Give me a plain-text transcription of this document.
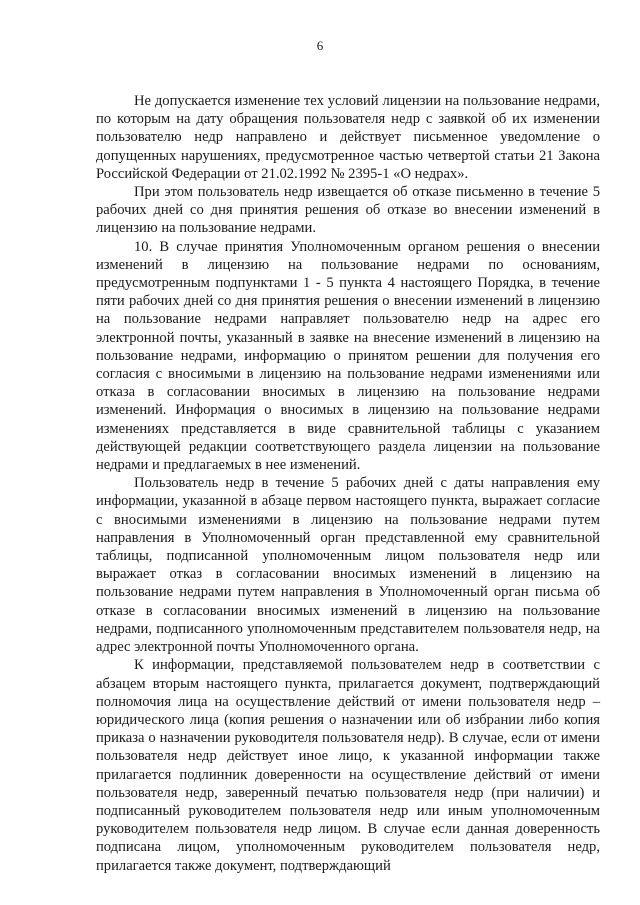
6

Не допускается изменение тех условий лицензии на пользование недрами, по которым на дату обращения пользователя недр с заявкой об их изменении пользователю недр направлено и действует письменное уведомление о допущенных нарушениях, предусмотренное частью четвертой статьи 21 Закона Российской Федерации от 21.02.1992 № 2395-1 «О недрах».

При этом пользователь недр извещается об отказе письменно в течение 5 рабочих дней со дня принятия решения об отказе во внесении изменений в лицензию на пользование недрами.

10. В случае принятия Уполномоченным органом решения о внесении изменений в лицензию на пользование недрами по основаниям, предусмотренным подпунктами 1 - 5 пункта 4 настоящего Порядка, в течение пяти рабочих дней со дня принятия решения о внесении изменений в лицензию на пользование недрами направляет пользователю недр на адрес его электронной почты, указанный в заявке на внесение изменений в лицензию на пользование недрами, информацию о принятом решении для получения его согласия с вносимыми в лицензию на пользование недрами изменениями или отказа в согласовании вносимых в лицензию на пользование недрами изменений. Информация о вносимых в лицензию на пользование недрами изменениях представляется в виде сравнительной таблицы с указанием действующей редакции соответствующего раздела лицензии на пользование недрами и предлагаемых в нее изменений.

Пользователь недр в течение 5 рабочих дней с даты направления ему информации, указанной в абзаце первом настоящего пункта, выражает согласие с вносимыми изменениями в лицензию на пользование недрами путем направления в Уполномоченный орган представленной ему сравнительной таблицы, подписанной уполномоченным лицом пользователя недр или выражает отказ в согласовании вносимых изменений в лицензию на пользование недрами путем направления в Уполномоченный орган письма об отказе в согласовании вносимых изменений в лицензию на пользование недрами, подписанного уполномоченным представителем пользователя недр, на адрес электронной почты Уполномоченного органа.

К информации, представляемой пользователем недр в соответствии с абзацем вторым настоящего пункта, прилагается документ, подтверждающий полномочия лица на осуществление действий от имени пользователя недр – юридического лица (копия решения о назначении или об избрании либо копия приказа о назначении руководителя пользователя недр). В случае, если от имени пользователя недр действует иное лицо, к указанной информации также прилагается подлинник доверенности на осуществление действий от имени пользователя недр, заверенный печатью пользователя недр (при наличии) и подписанный руководителем пользователя недр или иным уполномоченным руководителем пользователя недр лицом. В случае если данная доверенность подписана лицом, уполномоченным руководителем пользователя недр, прилагается также документ, подтверждающий
